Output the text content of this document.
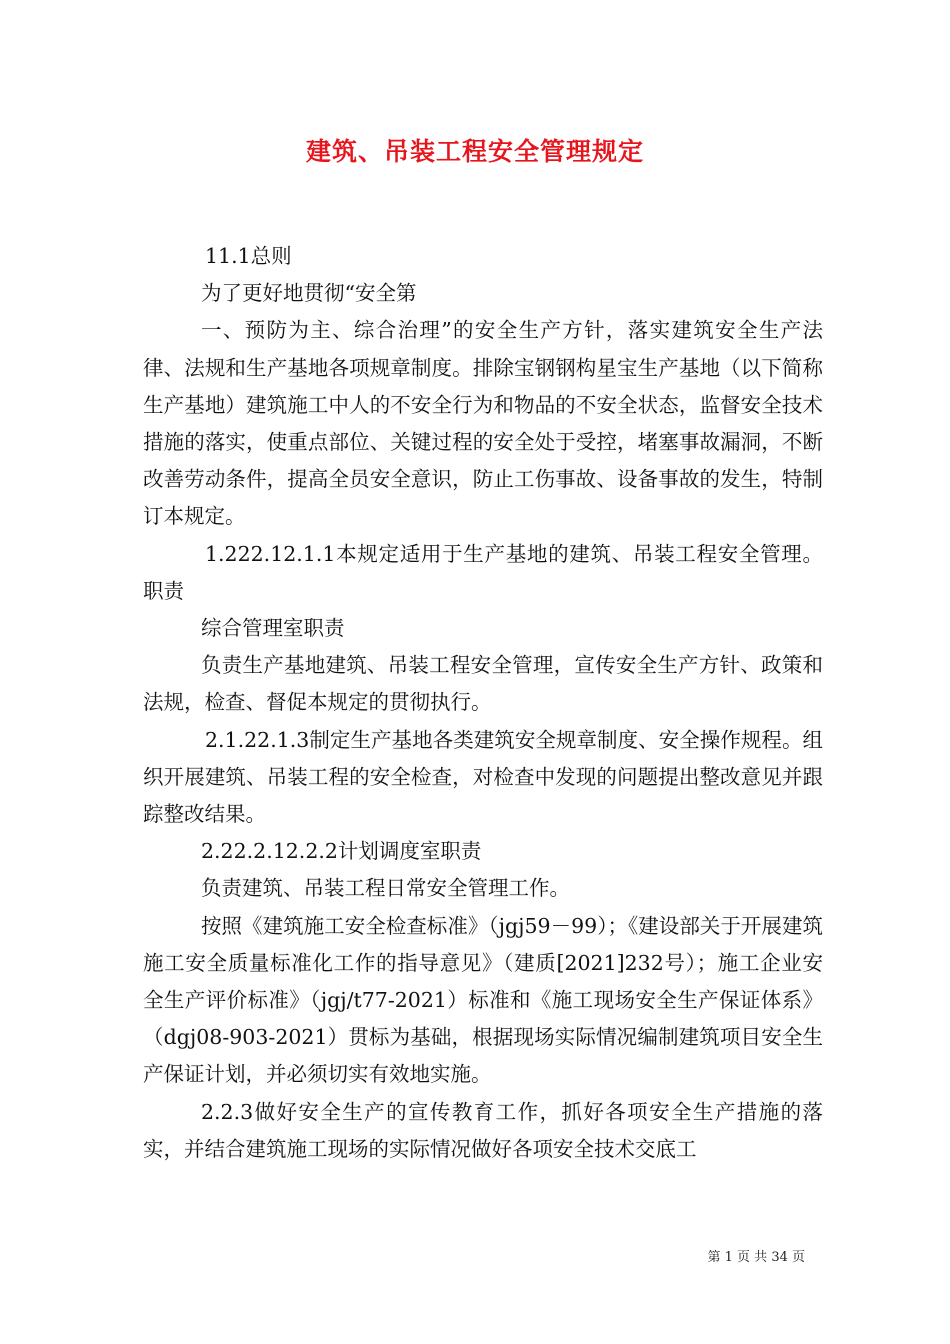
建筑、吊装工程安全管理规定

11.1总则

为了更好地贯彻“安全第

一、预防为主、综合治理”的安全生产方针，落实建筑安全生产法律、法规和生产基地各项规章制度。排除宝钢钢构星宝生产基地（以下简称生产基地）建筑施工中人的不安全行为和物品的不安全状态，监督安全技术措施的落实，使重点部位、关键过程的安全处于受控，堵塞事故漏洞，不断改善劳动条件，提高全员安全意识，防止工伤事故、设备事故的发生，特制订本规定。

1.222.12.1.1本规定适用于生产基地的建筑、吊装工程安全管理。职责

综合管理室职责

负责生产基地建筑、吊装工程安全管理，宣传安全生产方针、政策和法规，检查、督促本规定的贯彻执行。

2.1.22.1.3制定生产基地各类建筑安全规章制度、安全操作规程。组织开展建筑、吊装工程的安全检查，对检查中发现的问题提出整改意见并跟踪整改结果。

2.22.2.12.2.2计划调度室职责

负责建筑、吊装工程日常安全管理工作。

按照《建筑施工安全检查标准》（jgj59－99）；《建设部关于开展建筑施工安全质量标准化工作的指导意见》（建质[2021]232号）；施工企业安全生产评价标准》（jgj/t77-2021）标准和《施工现场安全生产保证体系》（dgj08-903-2021）贯标为基础，根据现场实际情况编制建筑项目安全生产保证计划，并必须切实有效地实施。

2.2.3做好安全生产的宣传教育工作，抓好各项安全生产措施的落实，并结合建筑施工现场的实际情况做好各项安全技术交底工

第 1 页 共 34 页
